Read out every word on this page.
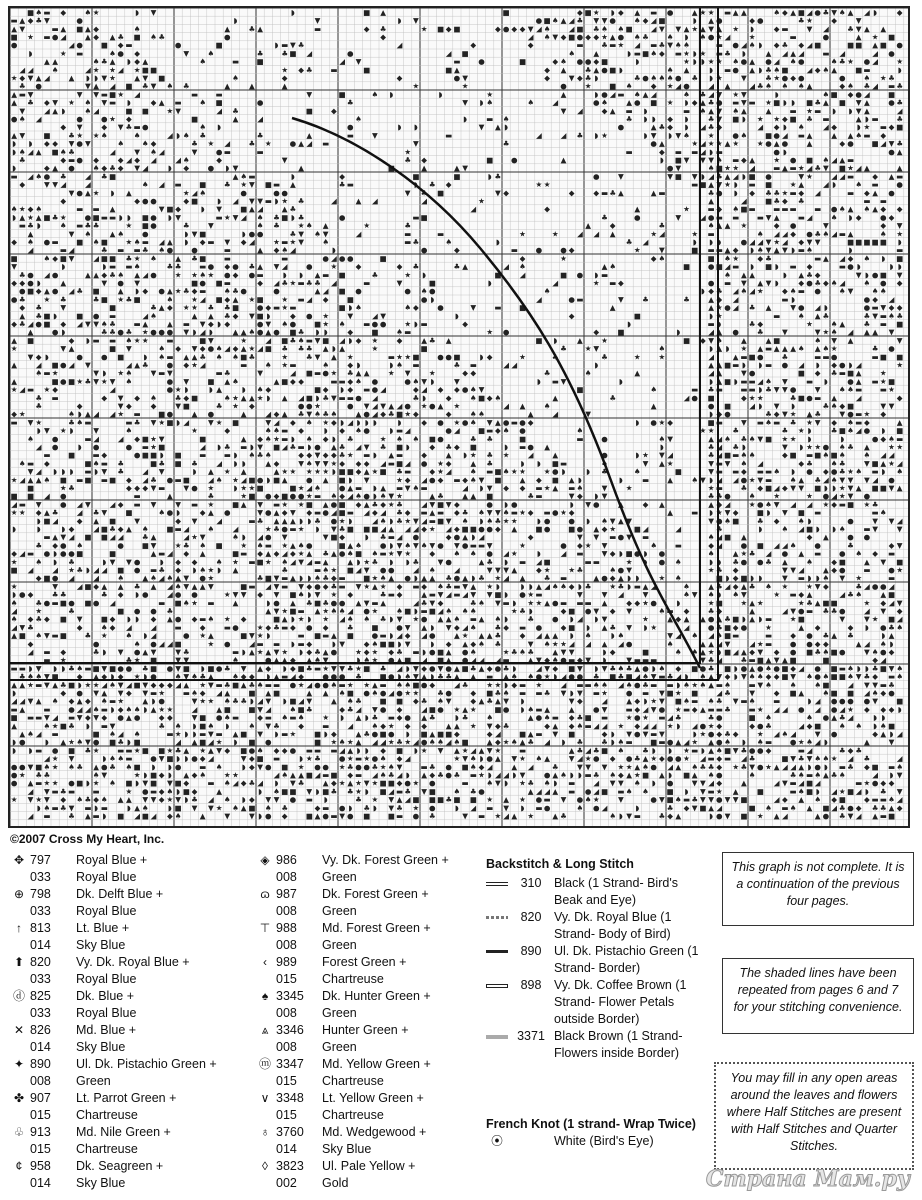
■ ♠ ▬ ◆ ♠ ★	◗ ▼	◗	■ ▲	■	◆ ■ ★ ◗ ◆ ▲ ▬ ● ▲ ★ ★ ▬ ▲ ▲	♠ ◆ ▲ ■ ◢ ● ♣ ▼ ♠ ▲ ◢ ◗	◆
▬ ▲ ◆ ♣ ▼	●	◗	▼	◗ ▼	● ■ ♠ ▲ ◢ ♣ ▼ ▼ ● ♠ ◆ ◢ ■	◗ ▲ ●	◆ ●	♣ ★ ◆	▼
▲ ▼	▬ ▲ ■ ▲ ◆	♠	▲ ♣ ▲	▬	◆ ♣	★ ■ ◆ ■	◆ ● ◆ ◆ ▼ ◢ ♠ ◢ ■ ♣ ♠ ♠ ■ ◢ ▼ ▼ ▲ ★ ▲ ▼ ▲ ★ ◗	◆ ▬ ▼ ◢ ♣ ▼ ▲ ▲
■ ★ ▬ ● ◢	▲ ◆ ▲ ♣ ■ ♠ ♣	●	◆	◢ ♠ ▼ ◆ ■ ● ◆ ◆ ★ ▲ ● ♠ ♣ ♠ ◗ ♠ ● ★ ◢ ★	▬	●	▲ ★ ■
●	◢ ● ■ ◆ ▬	●	■	◗ ▬ ▼ ♣	◢	◆	◆	▬ ♣ ▬ ★ ◢ ▬ ♣ ▼ ♠ ♠	▬ ● ◢ ♠ ◗ ◆ ♣ ◆ ◢ ■	■ ■ ▲ ■ ●
◗	★ ▬	♠ ● ◆	▼ ♠	♣ ♣ ■ ◢	●	◢ ■	♠ ▲	◗ ▬ ■ ♠ ◆ ▬ ★ ◗ ★ ▬ ♣ ◗	▲ ◢ ▲ ◢ ▬ ◢	◢ ●
▲ ▲	♠ ♣ ▲ ◗ ◆ ▲	♠	▬ ■	◢ ▼	▬ ●	■	◆ ♠ ● ● ◆ ■	◗	★ ◗ ◗ ★ ★ ♠ ● ▲ ● ◢ ♠ ●	♠ ♣ ★ ● ◢ ★
◢ ◢ ♠	◢ ★ ★ ◢ ★ ■ ■	★ ◆ ♣ ▬	■	■ ▲	◆ ▲ ♣ ▲ ● ■ ◗	♠ ▲	◗ ▬ ● ▲ ◗ ♣ ♠ ■ ◢ ◆ ♠ ▲ ■ ▬	◗
★ ◆ ▼ ▲ ◢	▲ ◗ ◗ ▼ ★ ▲ ▼ ■	♠	◆	◆	● ▼	◆	▼ ◆ ♣ ◗	♣ ● ♠ ♠ ♠ ● ♣ ◗ ★ ▼ ♣ ★ ● ◆ ●	● ♠ ★ ♣
♣ ●	▼ ▲ ◢ ■ ♣ ▼ ♠ ♣	▲	▲	▲	★	★	● ★ ■ ♠ ◆ ★ ◢ ● ◢ ▲	◢ ♣ ♠ ♠ ♠ ▲	◆ ♠ ♣ ◢ ▬ ♣
▲ ▬ ▼	▼ ▼ ▬ ■ ★ ◢	▬ ▬	▼	■	♠ ◗	◗	★	▲	◗ ● ◢ ▬ ♠ ▲ ◢	♠ ♣ ◢ ▼ ★ ▼	◗	♠ ■ ◆ ● ◢ ■
▲ ♣ ◆ ▼ ★ ♠ ▼ ▬ ◗	◆ ▲ ▬ ♠ ■	●	♣	▼ ◗ ♠	♠ ◢	● ♠ ▲ ● ■ ★ ◗ ◆ ▲ ♣ ● ▬ ▼ ▬ ★ ■ ◗ ◗ ■ ♣ ▲ ■ ▼ ▲ ● ♣
▼	◢ ▲ ◗	♠ ◢	■ ■ ★ ▼	◢ ♣	■ ◆	▼ ◢	◆ ▲ ▬ ◗	▬ ♠ ▲ ▼ ♠ ▲	▲ ▬ ★ ▬ ◗ ◗ ▼ ▲	◢
● ♠ ◢	● ● ★ ◆	■	▲	◢	♠	◗	▬ ♠	♣ ◗ ◗ ◆ ◗	♣ ▼ ■ ◗ ★ ★ ◆ ■ ♣ ▬	▲ ◗ ▬ ♣
◆ ▼	◆ ▼ ♣ ▬ ●	♠ ◗	●	◗ ◗	▼ ▲ ◗	●	▲ ♣ ◆ ◗ ◢ ♣ ◆	◢ ◆ ◗ ♠ ◢ ◆	◗ ★ ▬ ◆ ■
▲ ▼ ■ ♣ ★ ★ ♠	♠	◢ ◗ ♠ ♣	♣	▲	▬ ▼	▬	◢	◢ ♣ ◗ ★	◗ ▼ ◗ ▼ ♠ ★ ● ♠ ■ ● ◢ ▬ ▲	▲ ▲ ♠ ▬ ◆
◗ ◗ ◆ ◆ ▼ ● ▼	♠ ♠ ◆	♣ ★ ◢ ♣ ★ ● ▲ ◢ ▬	▼	♣	● ▲	★ ◢ ★ ★ ▲ ★ ★ ● ▲ ● ▲	◆ ● ■ ◢ ▼ ♣
◗ ♠ ◢ ▲ ■ ♠ ♣	◢	▼ ♠ ◢	▼ ● ▬	▬	★	▬	◆ ▬ ▬ ◢ ◗ ▬	● ◗	● ▲
♣	◆ ▬ ● ◆	◆ ◢ ◆ ◢	◢ ♠	◆	▼	♣ ◆	■ ●	▲	◗ ■ ▼ ▼ ▼ ♠ ▬ ◆ ▲ ★ ● ■ ♠ ◢ ▲ ▬
◗	◆ ▲ ● ♠ ◆ ♣ ◆ ▼ ◢	◗ ◆ ● ◗ ▼	▲	■	▲	▲ ▼	● ▼	♠ ■ ★ ★ ◢ ▬ ▲ ▬ ★ ◢ ♣ ▼ ■ ★ ◢ ▲	▲
▬ ◢ ♠ ● ♣ ◢ ♣ ■	▲ ♠ ▬	◗	◆	■	■	◗ ♣	● ▼	▼ ■ ▼ ◗ ◢ ♣ ▲ ◢ ◗ ■ ●	▼ ★ ◢ ◢ ▬ ◆ ▲ ▬
◆	▼ ▼ ◢	◢	♠ ◢ ▬ ■ ♣ ★ ▼ ■ ▬ ▲	♣ ▬	◗ ♣ ◆	★ ★	▬ ■ ▲ ▼ ★ ◗ ▬ ■ ★ ▲	◢ ◗	♠ ▬ ●
▼ ● ▲ ★ ◗ ▲	★ ◢ ♠	●	● ●	▼ ♣ ■	▼ ◆	◆	◆ ▬ ♣ ▲	▲ ▬	♣ ● ◗ ◆ ♣ ♣ ★ ▬ ◆ ◢	▬ ◆ ▲ ●
◆	◆ ● ●	◆ ■	◗ ◢ ▼ ▼ ▬ ◗ ★ ♣	◢	▲ ◢	◢	★	▲	◢ ■ ♣ ◆ ♣	▬ ▬
♠ ★ ◆ ♠	▬ ▬ ▲	▼ ■ ◆	◗ ▼ ■ ▲ ◢	▲ ♣	◢	◆	▲	★ ▬ ◆ ♠ ■ ▬ ▬ ▬ ▬ ▬ ● ♠ ▲ ♠ ▲ ◆ ◆
◗ ▲ ★ ▲ ■ ♣ ★ ● ■ ▬ ▬ ◗ ◗ ■ ● ◗ ▼	▬ ★ ▼ ◢ ♠ ♣ ■ ◗ ♣	●	▬ ■	♣	●	▼	◢ ● ▬ ▬ ▬ ▼ ▲ ▬ ◢ ♠ ◗ ◆ ● ◆
▬ ♣ ◗	♠ ▬ ♣ ♣	★ ■ ●	♣ ▼	♠ ♣ ★ ♠ ▲	★	♣	▲	◆	♣	♠ ▲ ▲ ★	◆ ●	▼	◆ ▼
▲	▼ ♠ ▲ ♠ ●	◗ ▼ ■	◗ ● ●	♣ ▼ ♠ ▼	◢	▬	▬	★	★ ◢ ◢ ▲	★ ◢	★ ▬	♠ ◢ ◢ ◆ ● ♣ ♠ ◢ ▬ ▲	♠ ★
◆ ♠ ● ▬ ■ ♠ ■ ★ ♠ ▬ ◢ ▲ ◗ ◆ ▬ ▼ ◆ ◢ ★ ▬ ★ ▼ ♠	▬ ♣	♠	◗	♣ ◢	◗ ◗ ◗	● ◢ ◢ ▼ ★ ◢ ◆ ▼ ▼	■ ■ ■ ■ ■ ◗
◢	▬ ◢	♣ ▬ ▬ ♣ ♠ ● ●	▬	▲ ◆ ♠ ◢	◗	●	◆	▬ ● ● ◆	★ ▼	■ ▬ ▬ ▲ ◆ ◗ ♠ ▼ ▲ ▼ ◗ ▬ ♠	◗	▬
■	♠ ◆ ■ ▼	◢ ■ ■ ♣ ★ ♠ ▲ ♣ ■ ▬	▬	● ◢ ● ●	■	◆	★	◆ ♠	■ ♠ ★ ◆ ♣	▬ ▲ ◢ ◆ ♠ ◗ ■
▼	◗	◗ ▬ ▬ ♠	♣ ♣ ▬ ● ◆ ● ♣ ▲ ▼ ◢ ● ★ ◆	◆ ♣	♣ ▲	◢ ♠	▲ ♠	■ ● ■ ◢ ▬ ◗ ■ ◗ ▬ ◆	▬ ● ◗	◗ ◗
♣ ● ◢ ●	▲ ▲ ◆ ♣ ♠ ▲ ◢ ● ★ ★ ♠ ★ ● ◆ ● ▬	◗ ◗ ▲ ▬ ■	♣	★ ◗	■ ◢	■ ● ◗ ▬	♠ ▲ ▲	◗ ▲ ♣ ◆	▼ ◗ ● ■ ▼
◆ ◆ ● ◗	▲	▼ ● ▼	■ ● ■ ▬	◆ ◢ ♣ ★ ▬ ♣ ♣ ◢	▬	▼	■	◗	◢	★ ▬ ◆	● ▬ ▼ ▲ ▼ ◗	◆ ● ♣ ◆ ♠ ◢ ♠ ● ◆
● ■ ◆ ▲ ● ◢ ♣ ■ ▲ ◗ ◆ ● ▲ ★ ♣ ◆ ▬ ♠ ♣ ●	●	▲ ◢ ■ ●	● ♠ ●	♠	◗ ◆ ♣ ◢ ♠ ◢ ★ ◆ ♠ ▬ ● ♠ ▼ ♠ ♠
● ♣ ★ ♣	♣ ■ ★ ♣ ■	♠ ★ ◢ ■ ◆ ▲ ★ ■ ★ ▬ ◢ ◆ ■	● ◗	◢	● ▬	▼ ♣	♣ ▲ ◆ ◢	▬ ◗	● ◆ ◢
◆ ♣ ▼	■	♣ ▲ ◆ ★ ★ ♣ ♣ ■ ● ◆ ▬ ★ ▬	■ ◗ ♠	♠ ◆ ●	▼ ▬ ■	▲	▲ ★ ● ◢ ♣ ▲	▼ ● ◢ ◗	● ▬ ▼ ◆ ◆
▲ ♣ ■ ◗	■ ● ▬	◢ ♠	▲ ▲ ♣ ◆ ▼ ■ ◗	◆ ● ★ ▼	◢ ▼	◗	◆	■	◗ ★	▬ ♠ ▲ ♣	♣ ▼ ▬ ♠ ♣
◆ ♣ ◢ ● ■ ◆ ◢ ▼ ▼ ♠ ♣ ▬ ▲	▲ ▬ ▼ ◆ ◗ ◆	● ▼ ♠ ● ■ ★ ♠ ▬ ● ● ★ ◗ ▬	◆	◗	▬ ◗	♣ ◆	★ ♠ ▲ ♣ ▬ ■
▲ ● ◗	♣ ♣ ● ♣ ★ ● ● ● ▼ ◗ ◢ ◗	▲ ▲ ♠ ● ▲ ● ■ ♣ ◗ ◗	◆ ■ ♠ ▬	★ ●	◆ ■	◗	◢ ▲ ● ♣ ▼	▼ ★ ♠ ◢ ▲ ▲ ▼
▲ ■	◆ ◗ ▬ ▬ ♠ ★ ★ ▬	■ ▼	★ ◢ ■ ♣ ♠ ▬ ▼ ■ ◢ ◗ ◆ ★ ◆	▲ ♣ ▲	■ ◗	▲ ★	■ ◆ ▼ ♠ ▲	▲ ■	♠ ▼ ▲	▼
★	▼ ▲	■ ▼	♠ ◆ ▼ ◆ ● ♠ ◢ ◆ ▲ ★ ◢ ■ ♣ ♣ ♣ ▲ ◗ ▲	★	■	♣ ★ ▼	♠	◗ ▲ ◗ ★ ▲ ▬ ▲ ▲ ▲ ♠ ▲ ♠ ★	♣ ●
▼ ◆ ◗	● ● ■	◗ ♠ ▬ ▲ ▲ ♣ ♠ ♠ ■ ♣	★ ♣ ▼ ▲ ★	▬ ★ ★ ■ ● ● ■	◗ ◆	★	♣	♣	★ ★	◢	▲ ▬ ■ ● ♣	▬ ▬ ●	▬ ■ ■
▲	◢ ■ ● ◢ ▼	◢ ▲ ♣ ● ◆ ★ ◢	▬ ♠ ★ ▬	♠ ◆ ◗	◗ ♠ ▬	♣ ▬	◢ ◢	◗	▲ ▲ ■ ▬ ◗ ◗ ▬ ● ◢ ◗ ◆ ● ◗ ◢	★
♠ ▬ ★	▼ ◗ ★ ♠ ▼ ▬ ▼	▬ ♣	▼	◢ ■ ▬ ● ★ ♣ ▲ ▲ ★ ▼ ★	◆ ◆	♣	♠	▲	◢ ▲	▼ ●	■ ◆ ♣ ▬ ■ ▲ ★
▲	■ ● ■ ★ ♣ ▼ ★ ▼ ♠	● ▼ ■ ▲ ♠	▲ ■ ◆ ◆	▬ ▬ ◆ ♠ ●	● ♠ ▼ ◗	▼	◗ ▬ ▼	◗	◗ ▲ ■ ◗ ▬ ▬ ◢ ♠ ▼ ▬ ◗	● ▲ ▬ ★ ■
★ ◢ ▬ ★ ◆	◢	● ★ ◗	◗ ▲	◗ ♠ ◆	■ ◆ ◗ ◆ ▬ ● ◢	◆ ◢ ◆ ◆ ● ♠ ▼	■	♠	▬ ♣ ▬ ▬ ▬ ◗ ♣ ▼ ▼ ● ▼ ♠ ♠ ▬ ▬ ★
♣ ▬	◆ ▼ ◆ ♠ ♣ ◆ ■	♠ ★ ▲ ▲ ★ ◗ ▲ ◢ ■ ◗ ♣ ▼ ▬ ▬ ● ◢	♣ ◗	◆ ♠ ■ ◆ ♠	▲	♣	◢ ● ■	◆ ★ ★	♣ ■ ● ▬ ▲	◢	◆
♣	◆	▼ ◆	◆	▼ ■	♣ ★ ◆	● ● ★	● ▼ ◢ ▼ ▲ ◢ ● ★ ● ▲ ★	◢ ▲ ♠	▲	● ■ ◢ ◗ ▼ ◗	♣ ♠ ◆ ■	▼ ▼
◆ ★	♠ ◗ ▲ ◢ ◢ ★ ▬ ■ ● ▲ ●	▲	◢ ◆ ▲ ♣ ▼ ♠ ♣ ♠ ▲ ● ◢ ◆ ♣ ■ ★ ◆	◆ ♠ ♠	▲	◢	▼	◗ ◆ ●	♣ ◆ ▼ ★ ▲ ♣ ▼ ● ▬ ★ ◆
▬ ▼ ★	♣ ♠ ▬	▬ ♣ ▼ ★ ■ ◗ ◢	▼ ★ ■	▼ ◢ ◆ ♠ ★ ◆ ◗ ◢ ◗ ◗ ◗	◗	◆ ● ★ ● ♠ ▼ ▲ ● ▬ ● ◆	◗ ● ★ ◆	■ ▬ ▼ ▬ ♠ ▬ ♣ ★ ▼ ◆ ♠ ▬ ◆	▲
◗ ▼ ★ ◗	▼	♠	★	◆	♠ ♠ ▬ ◆	◗ ◆ ♠ ●	◗ ▬ ◢	● ◢ ■ ▬ ◆ ♠ ●	♠	★ ★ ♣	♣ ★ ◗	♣ ■ ♠ ◢ ● ◗ ■
♠ ●	▬ ◢	◢ ◆ ■ ★ ▼	■	▲ ◆ ♠ ★ ▬ ◗ ♠ ◆ ◗ ♣	★ ♠ ♠ ■ ●	♣ ♣	■	▬ ●	♠ ▼	▲ ◢ ♠ ♣ ♠ ▼ ■ ★ ★ ◗	◗	● ◆ ♠ ▬
◢ ●	◗ ●	● ▬ ★ ■	◢ ◗ ♣ ▬ ◗ ▼ ■ ◢ ♣ ▬ ◗ ● ▲ ♣ ◢ ▼ ♣ ■ ◗	◆ ♣ ◆ ■	◗ ▬ ● ▲	◗	♣ ◢ ♣ ◗	▼ ◗ ★ ★ ● ♠ ♣ ▲ ★ ★
▬ ■ ▬ ◆	● ■ ■ ◗ ■ ▬ ▬ ◗ ♠ ♣ ♠	◆ ◆ ▼ ◆ ◆ ♣ ★ ▬ ◗ ▲ ▬ ◆	▲ ◗ ★ ♣ ★ ◢	▲	●	◗ ★ ▼ ◢	♣ ◢ ■ ▬ ♠ ♠	◆ ■ ▬ ■ ♠ ■ ♠ ♠ ◢ ◢
♠ ▬ ◆	■ ♠ ▬ ♣	■ ♣ ■ ♣ ◢ ◗ ◗	▲ ◆	▼ ♠ ▼ ▼ ★ ◆ ◆ ◆ ◢ ▬ ■ ◢ ● ★ ◆	▲ ♣	◗ ◗ ■ ▬	♠	▼ ▲ ★	▼ ▬ ▼ ♠ ◢	◆ ♣ ♠ ♣ ▼ ■ ▲ ★ ◢
▼ ◢ ◗ ◗ ◗ ▬ ◗ ▼ ♣ ◢ ▼	◗ ▲ ★ ▲	▲ ★ ★ ★ ★ ★ ◗ ■ ■ ◆ ▲ ★ ■ ♣ ▬ ◆ ★ ◢ ♠ ▬ ■ ♠ ★ ★ ★ ● ◗	◗ ♣	♠	■	▼ ▬ ▬ ◆ ▬ ▬ ♠ ◗ ● ◆ ● ♣ ★ ♠ ▬ ◗ ♠
★ ◢ ▲ ▲ ♠ ■ ▬ ■ ▬ ■ ◆ ◢ ♣ ● ▬ ■ ◢ ♠ ★ ◢ ■ ● ◗ ■ ▲ ● ▲ ■ ◗ ▼	★ ◆ ◢ ● ◆ ▬ ◆ ♠ ▼ ■ ▲ ◆ ■ ▲ ◗	◗	▬ ▲ ♠ ▼ ◗ ◢ ◢ ● ★ ▼ ▬ ♠ ▲ ♣ ◢ ♠ ▼ ▼ ▼ ◢ ●
■	★ ♣	◆ ◆ ◆ ▼ ▬ ▼ ● ★	◗ ★ ★ ■	■ ★ ◢ ♠ ● ▲ ▬ ◗ ▲ ▬ ▼ ♠ ▬	◢ ◗ ▼ ◆ ◆ ▬ ★ ▲ ▬ ♠ ▼ ★	★ ▬ ♣ ◆ ■ ◢ ◆ ▼ ▼ ■ ◗ ◗ ★ ▼ ▲ ■ ■ ▼ ▲
■ ■ ◢ ●	▬	▲	♣	★ ■ ● ◆ ■ ● ● ★ ▬ ♠ ◆ ◢ ♠ ● ◗ ♠ ▼ ★	▲ ♣ ▲ ▲ ■	♣ ▬	▼ ◆ ◗ ▼	♣ ♣ ● ♠ ★	★ ● ◢ ★ ▼ ●
◢ ▬ ▼ ● ◢ ▼	◢ ◆ ▬ ▼	▼ ▬ ★ ■ ▲ ▼ ▬ ★ ★ ■ ▲ ● ■ ◆ ▲ ♣ ◆ ★ ♣ ◢ ▼ ■ ▼ ◆	● ◗ ●	◗ ▼ ● ▲	◆ ▲	▲ ◆ ◢ ★ ● ♠ ▼ ◢ ◢ ★ ◆ ▬ ■ ★ ♣
★ ★ ◆ ▲ ♣ ◢ ♣ ▼ ■	♠ ● ◗	◆ ▲ ●	▼ ● ▲ ◆ ▼ ◆ ▬ ● ◢ ■ ▬ ◢ ◆ ◢ ♣ ◆ ▬ ▲ ▬ ◆ ♣ ♠ ▼ ▼ ♠ ▬ ★ ◆ ▬ ● ★ ◆	▲ ▬ ◗ ★ ▼ ◆ ■ ◗ ▼ ■ ▬	▬ ♠
◗ ■ ◢	◆ ▲ ■ ▼	◆ ▼	◢	▬ ♣ ▲ ▲ ▲ ◗ ◗ ♣ ● ★ ◗	◢ ♠ ◗ ♣ ★ ▼ ◢ ▬ ■ ▼ ♠ ◗ ♠ ♣ ★ ★	◗ ● ● ◗ ♠ ▼ ▲ ▼	▼ ● ♠ ■ ♣ ◆ ♠ ◗	● ▼ ▼ ◢
◗	◗	◗ ◆	◢ ■ ♣ ◆ ▲ ♠ ■ ▬ ◢ ♠ ◢	★ ♣ ● ▬ ★ ◗ ▼ ♣ ■ ■ ■ ◢ ▲ ◢ ◢ ◆ ★ ◢ ◆ ■ ■ ● ● ◆ ▲ ■ ● ■ ● ▲ ◆ ★ ■ ◢	◢	♣	◗	♠ ◢ ■ ◗ ◗ ♠ ▬ ▼	▼
▬ ▲ ▼ ◢ ■ ■ ◢ ◢ ♣ ▲	◢ ★ ▼	♠ ◗ ◢ ● ▼	▼ ■ ◆	◗ ♣ ▬ ◢ ●	◆ ● ▲ ◗ ◢	◆	▼ ▼ ▬ ● ▼ ▬	♠ ◢ ■ ▲	◆ ▲ ● ●
♣ ◆ ● ♠	● ■ ▼ ★ ♣ ♠ ■ ★ ♠ ▬ ★ ▲ ♠ ●	■ ▲ ♠ ● ◗ ▼ ♠ ▼ ♠ ▼ ● ▼ ● ▬ ▬ ▼	★	● ◆ ★ ▼	♠ ▬	◆ ◢ ● ■ ◢ ◢ ♠ ●	♣	◆ ▼
◆ ◢ ▬ ● ◗ ● ● ■	■	▲ ▬ ◢ ◆ ▲	■ ▬ ◆ ▲ ◆ ◢ ◆ ★ ▲ ♣ ▲ ● ♠ ■ ♠ ▬ ★ ▼ ★ ◆ ♠ ♠ ● ◢ ★	◗	◢ ▬ ▼ ◆ ◗ ■ ● ◗ ●	♠ ▲ ★ ♣ ◢ ● ▲ ▬ ● ♠ ◆ ▬
★ ♠ ◗ ♣	◗ ▼ ▼ ●	◗ ◆ ◆ ♠ ★ ▬ ■ ★ ♠ ◢ ▼ ◢ ▬ ▲	▲ ◗ ★ ♣ ◗ ◗ ♣ ▼ ●	▲ ♣ ◗ ▬ ◢ ■	▬ ▬	★ ◗ ● ♠	◗ ◗ ♣ ● ● ♣ ▲ ♠ ◆ ■ ▲ ▼ ■
■ ◢	◢ ★ ♣ ◗ ◢ ◢ ■ ● ▬ ♣ ◆ ◗ ♠ ★ ◗ ▲	♣	▬ ♠ ★ ■ ◢ ▼ ● ● ◢ ♠ ◢	▼ ▼ ▼ ▲	◆ ★ ★ ♣	♠ ● ▼	★ ♣ ◆	▼ ▼ ◢	▲ ◆ ● ▬ ● ★
◆ ■ ● ◢	◢ ♠ ▲ ♠ ◢ ♠ ▲ ▼ ● ★	♣ ■ ▼ ▬ ▲ ◗ ◗ ♠ ♣ ◆ ▬ ■ ★ ♠ ▲ ● ◗ ▲ ▲ ♣ ● ▲ ◗ ♣ ★ ◢ ▲ ♣ ▬	▲ ● ◆ ▲ ◗ ◗	★ ♠	■ ◗ ◆ ■ ◗ ◗	▼ ▬ ◗ ◗ ♠ ▼ ★	▬
★	▼	◢ ■ ◆ ▲ ▲ ♣ ▲ ◢ ♠ ▼ ▲ ▲ ▼	■ ▬ ◢ ▼ ▬ ▼ ◆ ● ◆ ♣ ▬ ▼ ★ ▲ ★ ◆ ▬ ◆ ♠ ♣ ▬ ▼ ▲ ★ ◗	◗ ◗ ▲ ◢ ♠ ♠ ◆ ◗ ♣ ★ ♣ ◗ ▬ ▲ ◢	♠ ▲ ♣ ◢ ◆ ▲ ♣ ♠ ★ ★ ▼ ◆	♣ ◢ ● ● ◢
◗ ● ◆ ♣ ♣	♣ ◆ ◗ ● ◢ ● ●	★ ▼ ▼ ◆ ▼ ■ ♠ ◗ ▼ ★ ◆	♣ ▬ ◆	▲ ▬ ▼ ◢ ▬ ◢ ▼ ▼ ■ ◗ ● ★ ▬	▼	▼ ◢	▼	♠ ▼ ♠ ◗ ♠ ▼	★ ▬ ◆ ▲	◢ ♣ ♠ ▲ ■
♠ ♣ ● ▬ ■ ● ■ ● ◢	▬ ■ ♠ ★ ▬ ▲	◗ ● ▲ ♣ ■ ♣ ● ● ▲ ▼ ▬ ▲	◢ ♣ ▼ ◆	♣ ♠ ▼ ▬ ◗ ★ ★ ▲ ● ▬ ▬ ▬ ▲	◆ ◆ ★ ●	◗	★ ■ ★ ▲ ★	★ ♣ ▲ ■ ■	★ ◆ ◢ ▼
◢ ★	♣	■ ● ● ♣	▲ ▼ ★ ■ ▬ ▲ ★ ♠ ♠ ◢ ● ★ ♠ ■ ◗ ▬ ■ ◢ ♠ ♠ ♠	★ ♣ ◗	◆ ■ ● ▼ ◆ ▼	♠ ▬ ◆ ♣ ◆	▲	◢ ▼ ● ▬ ♣ ♣ ● ◢ ▼ ◆
♠ ◆ ♣ ◆ ■ ▼ ■ ◆ ◗ ◗ ◆ ▲ ● ◆ ▬ ♠ ★ ◆	■ ▲ ◗ ★ ◗ ★ ◢ ♠ ♠ ♣ ◗ ▼ ★ ● ▲ ▲ ♠ ▬ ▲ ♠ ◗	♣ ● ◗ ◢ ◗ ▼	★ ▲ ◆ ▲ ▲ ● ▲ ♣ ■ ◗ ▲ ◗ ▬ ★ ■	▼	▼ ★ ■ ◢
◢ ▼ ♣	◆ ♠ ◆ ◢	◢ ▬ ◆ ▬ ● ★ ◆ ♣ ▬ ◆ ● ◆ ♣ ■ ● ▼ ▲ ◗ ▼ ◆ ◢ ♠ ♣ ◆ ▬ ● ◆ ■ ◗ ▲ ♣ ▼ ◗ ★	◢ ● ♣ ■ ◆ ● ★	▲ ◆	◆ ◗ ● ♣ ♠
▲ ■ ♠ ▼ ▬ ■ ♣ ★ ♠ ◗ ◢	● ★ ▲	■ ▼ ★ ◗	▬ ■ ▬ ▲ ■ ● ▬ ◗ ◢ ◆ ◢ ● ▲ ★ ▲ ▲ ♣ ◆ ◢ ▲ ▲ ◗ ♠	◗ ♠	▼ ◢ ♠ ◢ ♠ ■ ▬	▬ ◆ ● ♣ ▲ ♣	◗ ▲
◆	●	♠ ● ◢ ◢ ■	★ ● ◢ ▬ ▬ ◗ ▬ ◆	◗ ▼	◆ ♠ ■ ■ ◗ ▼	◗ ◆ ▲ ◆ ♠ ♣	▼ ♠ ★ ★ ◢ ◢ ▲ ◢ ●	♠	▲ ▲ ◢ ▼	◢ ★ ▬ ● ● ◆ ◆	▲ ◢ ♠ ◗
◢ ▬ ◆	♣ ◗ ▼ ● ▲ ▼	▼ ♣	▬ ◗ ▲ ★ ▲ ▼ ★ ◗ ◆ ♣ ▲ ● ★ ◆ ★ ◆ ♣ ▬ ◗ ● ■ ▲ ● ♠	★ ♣ ♠ ♣ ▲ ▼ ▼	◗ ◆	■	♠ ♠ ▲ ★ ◗ ■ ◢ ▲ ◆ ▼ ◆ ● ■ ♣ ♠ ■ ● ▼ ♠ ● ◆
▬ ★	♣ ★ ■ ▼ ▼	♠	● ▲ ▲ ◆ ▲ ♠ ▼	◗ ♠ ★ ● ▲ ■ ◢ ■ ▲ ● ◢ ◢ ◢ ▬ ▲ ▼ ◆ ♠ ● ▬ ◆ ▼ ◗	▼ ▬ ▬ ▬	▼ ♣ ◢ ♣ ▬ ■ ▲ ▼ ▲ ■	■	◆ ◢
▬ ▬ ◗ ▼ ◗ ◗ ♣ ♠ ▬ ■ ▼ ■ ● ● ♣ ■ ● ▼ ■ ◗ ■ ● ♣ ▼ ▲ ◆ ◗ ◆ ■ ♣ ▬ ★ ▼ ▼ ♣ ★ ■ ♣ ◢ ◗ ▼ ◆ ● ▼ ● ▲ ■ ♣ ▲ ◆ ● ♣ ◗	◢ ▼ ◆ ■ ▼ ◗ ▼ ♣ ♠ ♣ ▲ ● ◗ ♠ ◆ ■ ● ♣ ■ ◗ ● ▲ ● ♠ ● ■ ◆ ◢ ● ■ ▬ ♠ ◗ ◗ ♣ ■ ▼ ♠
♣ ♠ ♠ ▼ ■ ◆ ▲ ◆ ◗ ◆ ★ ◗ ● ♠ ▼ ♠ ♣ ▲ ♠ ◆ ◆ ◗ ▲ ▬ ◢ ◆ ● ● ● ♣ ■ ● ◗ ♠ ▼ ▲ ◗ ♣ ♣ ▲ ▲ ▬ ▲ ♠ ♠ ● ★ ◗ ◢ ● ● ♣ ■ ♣ ■ ◢ ♠ ▼ ▬ ♣ ◢ ◗ ♠ ▲ ▼ ◆ ◗ ▼ ♠ ♠ ◆ ◆ ■ ▼ ♠ ● ♠ ■ ■ ♠ ▼ ♣ ◆ ▬ ♠
▲ ▲ ★ ▬ ▼ ▲ ♣ ■ ◗ ★ ★ ◢ ♠ ▼ ◢ ■ ▼ ◆ ◆ ◆ ◢ ▲ ★ ▼ ▬ ♣ ■ ▲ ♣ ♠ ▬ ▬ ● ★ ◢ ● ● ♠ ▬ ★ ★ ▲ ▬ ♠ ♠ ■ ● ◆	◢ ♣ ★ ★ ◗ ◆ ▬ ★ ◢ ▬ ▬ ♠ ♠ ◢ ♠ ● ♣ ▬ ▬ ◗ ♠ ★ ♠ ▲ ▬ ♠ ▬ ▼ ♠ ♠ ♠ ■ ◢ ▼ ▼ ▬ ♣
◗	◆ ● ▼ ▲ ▼ ◆ ▼ ▬ ★ ▬ ♠ ◆ ◢ ▲ ■ ▲ ■	▲ ▲ ♠ ■ ● ♠ ● ◢ ● ★ ★ ♣ ● ◆ ■ ♣ ♠ ▬ ▬ ♣ ▼ ◗ ▼ ▬ ★ ● ▬ ▼ ■ ★ ■ ◢ ♣ ▼	◆ ■ ▲ ♠ ■ ■ ◢ ♠ ◆ ●
◢ ◢ ▼ ▲ ♠ ◆ ▲ ◆ ♠ ▬ ★ ▲ ◗ ●	▼ ★ ★ ♠ ♣ ♣ ◗ ◢ ▼ ◗ ■ ◢ ▼	▲ ♠ ♣ ■ ■ ◆ ♣ ♠ ▼	◆ ▲ ♣ ▲ ▼ ◗	▼ ◆	◢	▲ ◆ ◗ ★ ▼ ■ ♠ ▬ ♠ ♣ ▼ ▬ ♠ ▬	◗ ◢ ● ● ● ● ▼ ■
▬ ▲ ▬ ● ◢ ◢ ♠ ▬ ◗ ◆ ♠ ♠ ◗ ▲ ★ ★ ◢	▲ ■ ■ ▼ ◢ ♠ ■ ♣	◆ ♣ ◢ ▼ ● ◆	◢ ■ ● ★ ▲ ★ ■ ● ◗ ♠ ▬ ▲	▲ ● ▼ ▬ ◆ ◢ ▼ ● ★ ▬ ◆ ▲ ▬ ▬ ♣ ▬ ★ ◢ ◢ ● ◢ ● ◢ ★ ◆ ◆ ◆ ◗
■ ▬ ▬ ▼ ◢ ▬ ▼ ◆ ▼ ◆ ● ▲ ● ◆ ◆	▼ ■ ● ♠ ▬ ◆ ▬ ♠ ▬ ♠ ★ ◗ ▲ ◗ ♣ ▬ ◆ ● ▲ ♣	◗ ♣ ♠	▲ ● ♠ ▬ ◆ ♣ ■ ▬ ★ ● ★ ▬ ◢ ♣	♣ ●	■ ♠	♠ ● ▲ ♣ ◢	◗ ◗
▲	♠ ★ ■ ♣ ◗ ▬ ▼	♣ ♠ ◗ ■ ♠ ◗	♠ ▼ ♣ ◆ ▬ ◢ ♠ ◆ ★ ◆ ◆	▲ ▲ ★ ▼ ◆ ♣	◆ ▲ ◆ ♠ ▬ ◢ ◢ ★ ◆ ◢ ◢ ★ ◗ ◢ ● ★ ◆	◆ ● ♣	◢ ◆ ■ ♠ ♠ ◗ ♠ ■
▲ ♠ ◢ ▬	■ ♠ ◢ ♠	▬ ★ ◗ ◗ ▬ ▼ ▬ ▲ ■ ▼ ◗ ▬ ★ ■ ◗ ◆	▲ ♣ ● ■ ● ◗ ■ ▲ ■ ■ ◆	◆ ◢ ■ ▲ ▬ ▼ ■	◆ ◗ ▼ ● ▼ ▬ ▼	◗ ★ ● ◆ ♣ ◆ ★ ◢ ♠ ◢	▼ ●	◆ ▲ ◗ ◢
◗ ●	◗ ▲ ★ ♠ ▼ ● ■ ♣ ◗ ■	◢ ▲ ■ ◢ ★ ◗ ■ ●	■ ★ ♠ ★ ▲ ◢ ◢ ★ ♣ ★ ◢ ● ♠ ♠ ◢ ♠ ■ ▲ ◆ ★ ♠ ▲ ♣ ◢ ◗ ♣ ♣ ◗ ♠ ▬ ■ ▬ ● ▲ ◢ ★ ▲ ● ♠ ◗ ♠ ▬ ● ★ ♠ ◢ ◗	▲	▼
◗ ◗ ▬ ● ■ ♣ ★ ▬ ▬ ★ ■ ■ ★ ♣ ▲ ★ ▲ ▼ ◆ ■ ● ♠ ◆ ◆ ● ▬ ▬ ▬ ◢ ▲ ◗ ◗ ◆ ■ ◗ ★ ▼ ▲ ★ ◢ ▲ ▼ ★ ▬	▲ ♣ ◢ ♣ ■ ♠ ♣ ◗ ◗ ★ ▬ ◗ ▲ ♠ ■ ▼ ♣ ● ● ◆	▬ ◢	♣ ◆ ♣
◢ ★ ▼	◗ ♠ ♠ ▬ ● ▼ ■ ◗ ◗ ● ◆ ◢	▼ ◆ ■ ▬	◗ ★ ♣ ● ★ ▬ ★ ● ♠ ◆ ◢	★ ▼ ♠ ◗ ● ▲ ▼ ★ ♠ ▲	▼ ◢ ★ ● ◆ ● ♣ ▲ ★ ◆ ● ● ★ ◢ ▬ ◆ ▬ ◢ ♣	■ ▼ ♣ ▼ ♠ ♠ ★ ◢ ♣	◢
● ● ▼ ■ ♠ ★ ♠ ♣ ▲ ● ♣ ♠ ■ ◗ ◗ ● ▬ ♠	◗ ◆ ▼ ● ■ ★ ● ● ★ ♣ ● ● ♣ ★ ♠ ▼ ▬ ♣ ● ■ ♠ ◆ ◢	▲ ◢ ♣ ▼ ▼ ▼ ★ ★ ▲ ♠ ● ◢ ▲ ♠ ♣ ♣ ◆ ★ ♣ ▼ ● ★ ▲ ◢ ◢ ▲ ◗ ● ◗ ▬ ♣ ◆ ■ ▬ ♠
● ★ ♣ ♣	♠ ▼	★ ◗ ■ ◆ ◗ ▲ ◆ ♠ ★ ★	◢ ♠ ▲ ▲ ■ ◢ ▬ ■ ◆ ▬ ◢ ♠ ♣ ◢ ◗ ▲ ◆ ♣ ● ♣ ▬ ★ ◗ ◢ ◢ ◗ ▼ ● ▲ ♠ ◗ ◗ ▬ ♣ ♠ ◆ ▲ ★ ■ ▲ ◗ ■ ▲ ♠ ●	♠	♣ ♠ ▬ ♠ ▲ ♣ ♠	◢ ◗ ▼
● ▲ ▬ ★ ★ ● ■ ◗ ★ ♠ ■ ◗ ▼ ■ ▼ ■ ◆ ▬ ♠ ◢ ◆ ♣ ◢ ◗ ▼ ♣ ▲ ◆ ★ ▲ ★ ▼ ★ ■ ■ ◆ ● ★ ●	▬ ♠ ▼ ◗ ★ ♣ ♠ ◗ ▬ ◢ ▼ ▼ ♠ ◗ ● ▼ ▼ ◢ ◆	▲	◢ ▼ ▬ ◢ ■ ◢	▬ ★ ● ◆ ◆
◢ ▼ ▬ ♣ ▬ ▬	★ ● ▬ ◆ ♠ ◗ ■ ◆	▲	◗ ♠ ■ ■ ▼ ◗ ■ ♣ ♣ ★ ◗ ■ ◢ ▬ ♣ ▼ ■ ♠ ♣ ●	▲ ◢ ◢ ▲ ▬ ● ◢ ■ ▬ ♠ ♠ ■ ◗ ▼ ▬ ★ ▲ ■	▬ ♠ ■ ◗ ◢ ★ ■ ◢ ◗ ♣ ▼
★ ▼ ★ ▼ ◆ ♠ ♣ ◆ ♠ ▲ ▲ ▼ ▼ ◆ ★ ▼ ◗ ♣ ◢ ♠ ◗ ◆ ▼ ▼ ● ▬ ◗	♣ ★ ▼ ▲ ◢ ■ ■ ■ ♣ ■ ■ ★ ▲ ★ ● ▬ ▼ ● ♠ ★ ▼	● ▼ ■ ♠ ▬ ♣ ▼ ▼ ● ▼ ▼ ■	◢ ◆ ▲ ♠ ◆ ■ ◆ ▬ ▬ ♠ ◢
◗ ♠ ▬ ♣ ▼ ▬ ◗ ▬	◗ ▲ ♠	◗ ■ ▼ ▼ ★ ♠ ▲ ■ ♠ ♣	◆ ▬ ● ◗ ♣ ◗ ▼ ♣ ★ ●	◗ ◢ ▬ ▼ ◗ ▬ ●	♠ ● ◢	◗	♣ ◆ ▼ ■ ▲ ◢	■ ♠ ▬ ♠ ▲ ■ ◢ ♣ ● ◆ ♣ ♣ ▲ ◆
◢ ▬ ♣ ▲ ▬ ◗ ■ ◢ ■ ◢ ◆ ♠ ▲	▼	▼ ◗ ● ◆ ■ ▲ ● ▬ ▼ ● ■ ■ ▬ ● ♣	▼ ▬ ★ ◢ ▲ ★ ▲ ♣	♠ ◗ ▼ ▬ ♣ ◆ ▲	◗ ● ▼ ■ ★ ▲ ◢	▲ ● ♣ ▼ ◢ ▲ ▬ ■
©2007 Cross My Heart, Inc.
✥ 797	Royal Blue +
033	Royal Blue
⊕ 798	Dk. Delft Blue +
033	Royal Blue
↑ 813	Lt. Blue +
014	Sky Blue
⬆ 820	Vy. Dk. Royal Blue +
033	Royal Blue
ⓓ 825	Dk. Blue +
033	Royal Blue
✕ 826	Md. Blue +
014	Sky Blue
✦ 890	Ul. Dk. Pistachio Green +
008	Green
✤ 907	Lt. Parrot Green +
015	Chartreuse
♧ 913	Md. Nile Green +
015	Chartreuse
¢ 958	Dk. Seagreen +
014	Sky Blue
◈ 986	Vy. Dk. Forest Green +
008	Green
ɷ 987	Dk. Forest Green +
008	Green
⊤ 988	Md. Forest Green +
008	Green
‹ 989	Forest Green +
015	Chartreuse
♠ 3345	Dk. Hunter Green +
008	Green
⩓ 3346	Hunter Green +
008	Green
ⓜ 3347	Md. Yellow Green +
015	Chartreuse
∨ 3348	Lt. Yellow Green +
015	Chartreuse
♁ 3760	Md. Wedgewood +
014	Sky Blue
◊ 3823	Ul. Pale Yellow +
002	Gold
Backstitch & Long Stitch
310	Black (1 Strand- Bird's Beak and Eye)
820	Vy. Dk. Royal Blue (1 Strand- Body of Bird)
890	Ul. Dk. Pistachio Green (1 Strand- Border)
898	Vy. Dk. Coffee Brown (1 Strand- Flower Petals outside Border)
3371 Black Brown (1 Strand- Flowers inside Border)
French Knot (1 strand- Wrap Twice)
⦿	White (Bird's Eye)
This graph is not complete. It is a continuation of the previous four pages.
The shaded lines have been repeated from pages 6 and 7 for your stitching convenience.
You may fill in any open areas around the leaves and flowers where Half Stitches are present with Half Stitches and Quarter Stitches.
Страна Мам.ру
